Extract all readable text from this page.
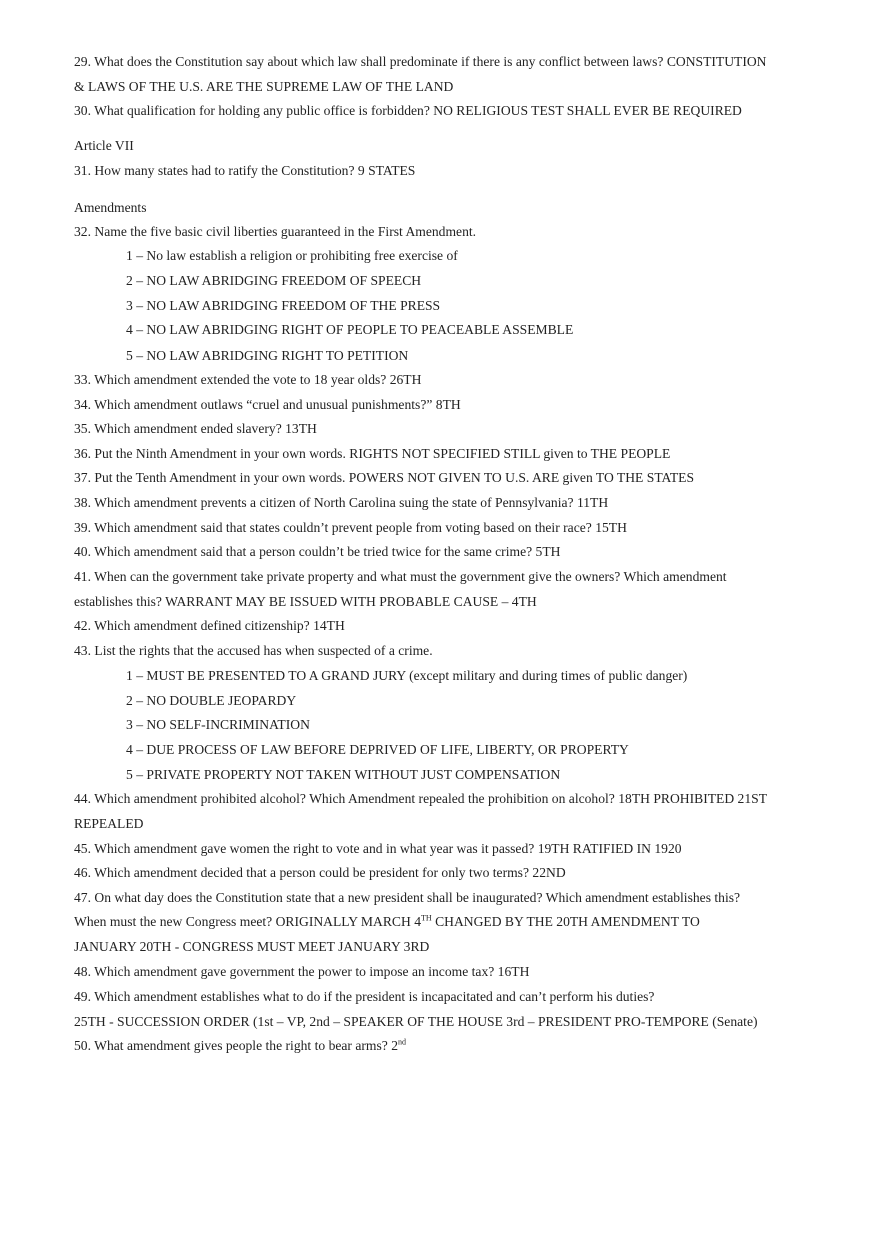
29. What does the Constitution say about which law shall predominate if there is any conflict between laws? CONSTITUTION

& LAWS OF THE U.S. ARE THE SUPREME LAW OF THE LAND

30. What qualification for holding any public office is forbidden? NO RELIGIOUS TEST SHALL EVER BE REQUIRED

Article VII

31. How many states had to ratify the Constitution? 9 STATES

Amendments

32. Name the five basic civil liberties guaranteed in the First Amendment.

1 – No law establish a religion or prohibiting free exercise of

2 – NO LAW ABRIDGING FREEDOM OF SPEECH

3 – NO LAW ABRIDGING FREEDOM OF THE PRESS

4 – NO LAW ABRIDGING RIGHT OF PEOPLE TO PEACEABLE ASSEMBLE

5 – NO LAW ABRIDGING RIGHT TO PETITION

33. Which amendment extended the vote to 18 year olds? 26TH

34. Which amendment outlaws “cruel and unusual punishments?” 8TH

35. Which amendment ended slavery? 13TH

36. Put the Ninth Amendment in your own words. RIGHTS NOT SPECIFIED STILL given to THE PEOPLE

37. Put the Tenth Amendment in your own words. POWERS NOT GIVEN TO U.S. ARE given TO THE STATES

38. Which amendment prevents a citizen of North Carolina suing the state of Pennsylvania? 11TH

39. Which amendment said that states couldn’t prevent people from voting based on their race? 15TH

40. Which amendment said that a person couldn’t be tried twice for the same crime? 5TH

41. When can the government take private property and what must the government give the owners? Which amendment

establishes this? WARRANT MAY BE ISSUED WITH PROBABLE CAUSE – 4TH

42. Which amendment defined citizenship? 14TH

43. List the rights that the accused has when suspected of a crime.

1 – MUST BE PRESENTED TO A GRAND JURY (except military and during times of public danger)

2 – NO DOUBLE JEOPARDY

3 – NO SELF-INCRIMINATION

4 – DUE PROCESS OF LAW BEFORE DEPRIVED OF LIFE, LIBERTY, OR PROPERTY

5 – PRIVATE PROPERTY NOT TAKEN WITHOUT JUST COMPENSATION

44. Which amendment prohibited alcohol? Which Amendment repealed the prohibition on alcohol? 18TH PROHIBITED 21ST

REPEALED

45. Which amendment gave women the right to vote and in what year was it passed? 19TH RATIFIED IN 1920

46. Which amendment decided that a person could be president for only two terms? 22ND

47. On what day does the Constitution state that a new president shall be inaugurated? Which amendment establishes this?

When must the new Congress meet? ORIGINALLY MARCH 4TH CHANGED BY THE 20TH AMENDMENT TO

JANUARY 20TH - CONGRESS MUST MEET JANUARY 3RD

48. Which amendment gave government the power to impose an income tax? 16TH

49. Which amendment establishes what to do if the president is incapacitated and can’t perform his duties?

25TH - SUCCESSION ORDER (1st – VP, 2nd – SPEAKER OF THE HOUSE 3rd – PRESIDENT PRO-TEMPORE (Senate)

50. What amendment gives people the right to bear arms? 2nd
